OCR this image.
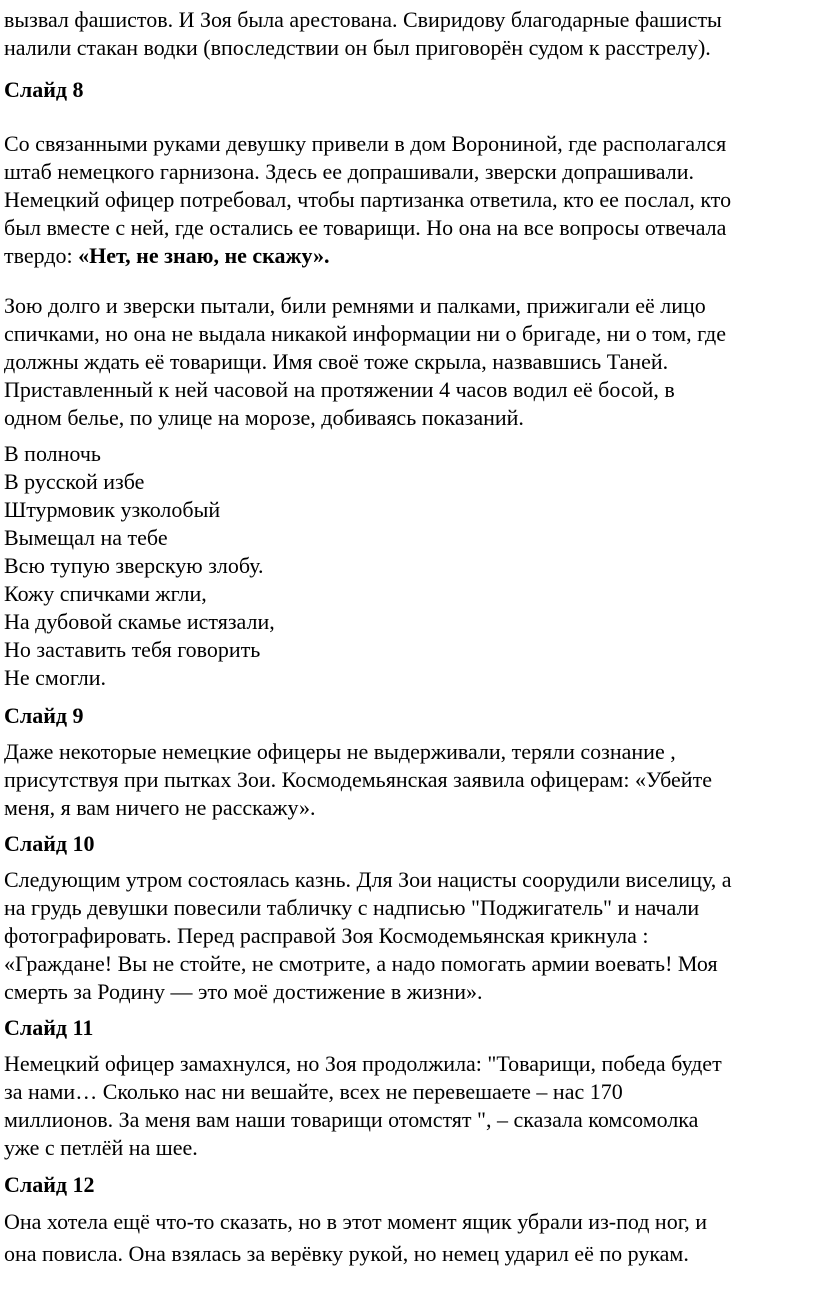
вызвал фашистов. И Зоя была арестована. Свиридову благодарные фашисты
налили стакан водки (впоследствии он был приговорён судом к расстрелу).
Слайд 8
Со связанными руками девушку привели в дом Ворониной, где располагался
штаб немецкого гарнизона. Здесь ее допрашивали, зверски допрашивали.
Немецкий офицер потребовал, чтобы партизанка ответила, кто ее послал, кто
был вместе с ней, где остались ее товарищи. Но она на все вопросы отвечала
твердо: «Нет, не знаю, не скажу».
Зою долго и зверски пытали, били ремнями и палками, прижигали её лицо
спичками, но она не выдала никакой информации ни о бригаде, ни о том, где
должны ждать её товарищи. Имя своё тоже скрыла, назвавшись Таней.
Приставленный к ней часовой на протяжении 4 часов водил её босой, в
одном белье, по улице на морозе, добиваясь показаний.
В полночь
В русской избе
Штурмовик узколобый
Вымещал на тебе
Всю тупую зверскую злобу.
Кожу спичками жгли,
На дубовой скамье истязали,
Но заставить тебя говорить
Не смогли.
Слайд 9
Даже некоторые немецкие офицеры не выдерживали, теряли сознание ,
присутствуя при пытках Зои. Космодемьянская заявила офицерам: «Убейте
меня, я вам ничего не расскажу».
Слайд 10
Следующим утром состоялась казнь. Для Зои нацисты соорудили виселицу, а
на грудь девушки повесили табличку с надписью "Поджигатель" и начали
фотографировать. Перед расправой Зоя Космодемьянская крикнула :
«Граждане! Вы не стойте, не смотрите, а надо помогать армии воевать! Моя
смерть за Родину — это моё достижение в жизни».
Слайд 11
Немецкий офицер замахнулся, но Зоя продолжила: "Товарищи, победа будет
за нами… Сколько нас ни вешайте, всех не перевешаете – нас 170
миллионов. За меня вам наши товарищи отомстят ", – сказала комсомолка
уже с петлёй на шее.
Слайд 12
Она хотела ещё что-то сказать, но в этот момент ящик убрали из-под ног, и
она повисла. Она взялась за верёвку рукой, но немец ударил её по рукам.
